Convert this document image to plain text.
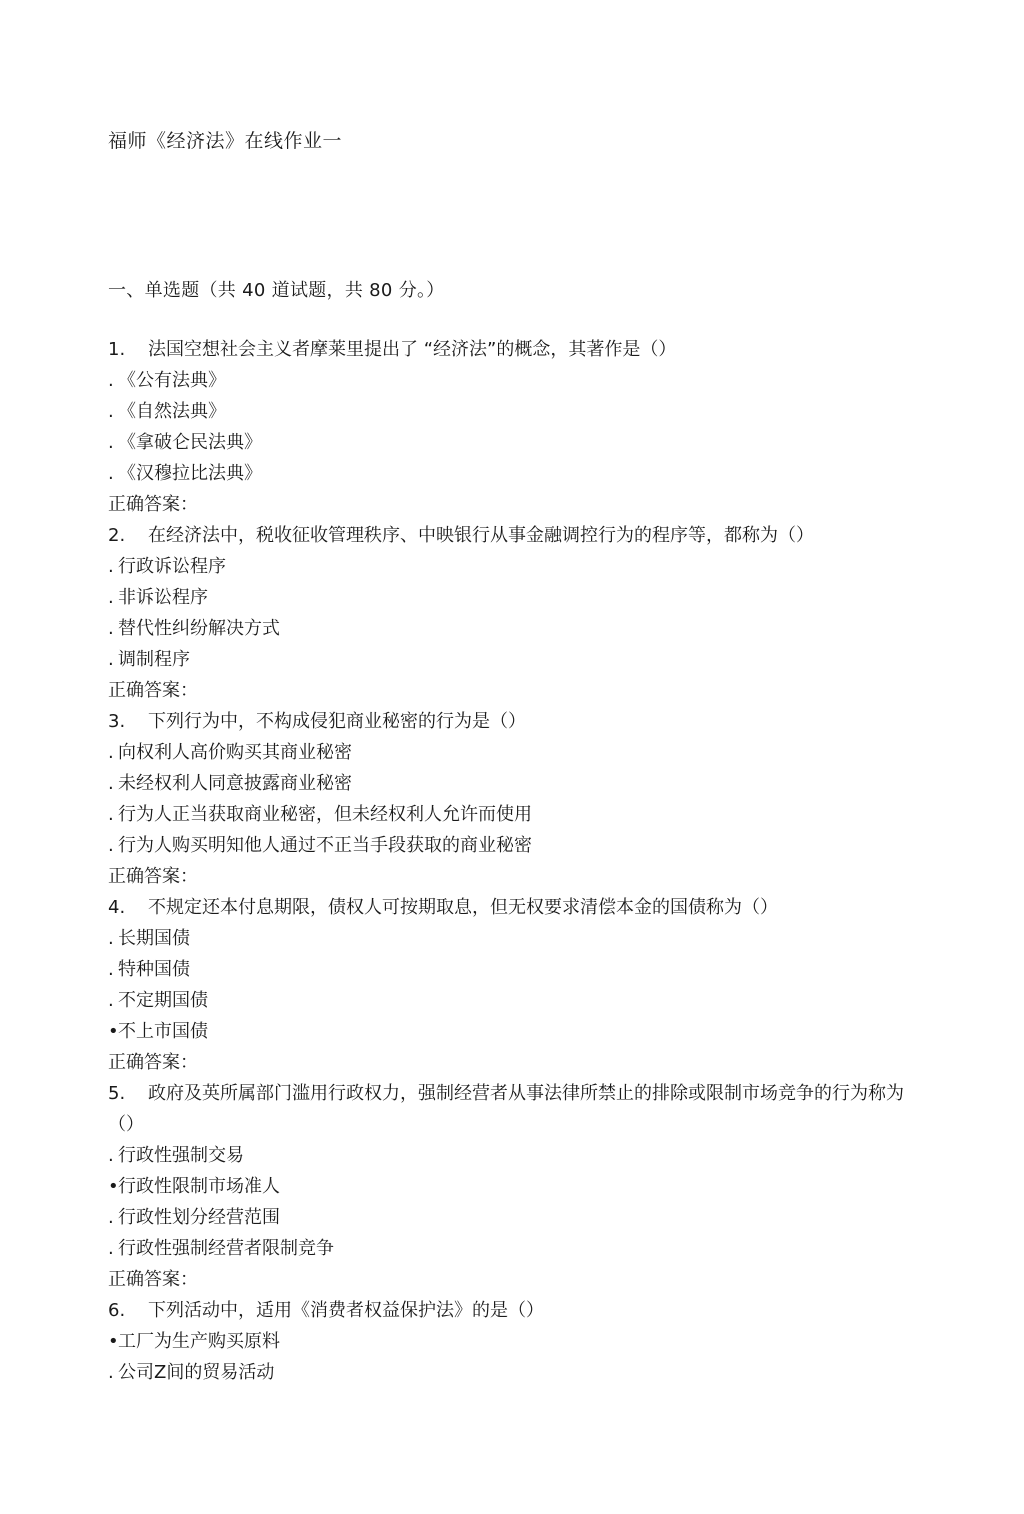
福师《经济法》在线作业一
一、单选题（共 40 道试题，共 80 分。）
1. 法国空想社会主义者摩莱里提出了 “经济法”的概念，其著作是（）
. 《公有法典》
. 《自然法典》
. 《拿破仑民法典》
. 《汉穆拉比法典》
正确答案：
2. 在经济法中，税收征收管理秩序、中映银行从事金融调控行为的程序等，都称为（）
. 行政诉讼程序
. 非诉讼程序
. 替代性纠纷解决方式
. 调制程序
正确答案：
3. 下列行为中，不构成侵犯商业秘密的行为是（）
. 向权利人高价购买其商业秘密
. 未经权利人同意披露商业秘密
. 行为人正当获取商业秘密，但未经权利人允许而使用
. 行为人购买明知他人通过不正当手段获取的商业秘密
正确答案：
4. 不规定还本付息期限，债权人可按期取息，但无权要求清偿本金的国债称为（）
. 长期国债
. 特种国债
. 不定期国债
•不上市国债
正确答案：
5. 政府及英所属部门滥用行政权力，强制经营者从事法律所禁止的排除或限制市场竞争的行为称为（）
. 行政性强制交易
•行政性限制市场准人
. 行政性划分经营范围
. 行政性强制经营者限制竞争
正确答案：
6. 下列活动中，适用《消费者权益保护法》的是（）
•工厂为生产购买原料
. 公司Z间的贸易活动
